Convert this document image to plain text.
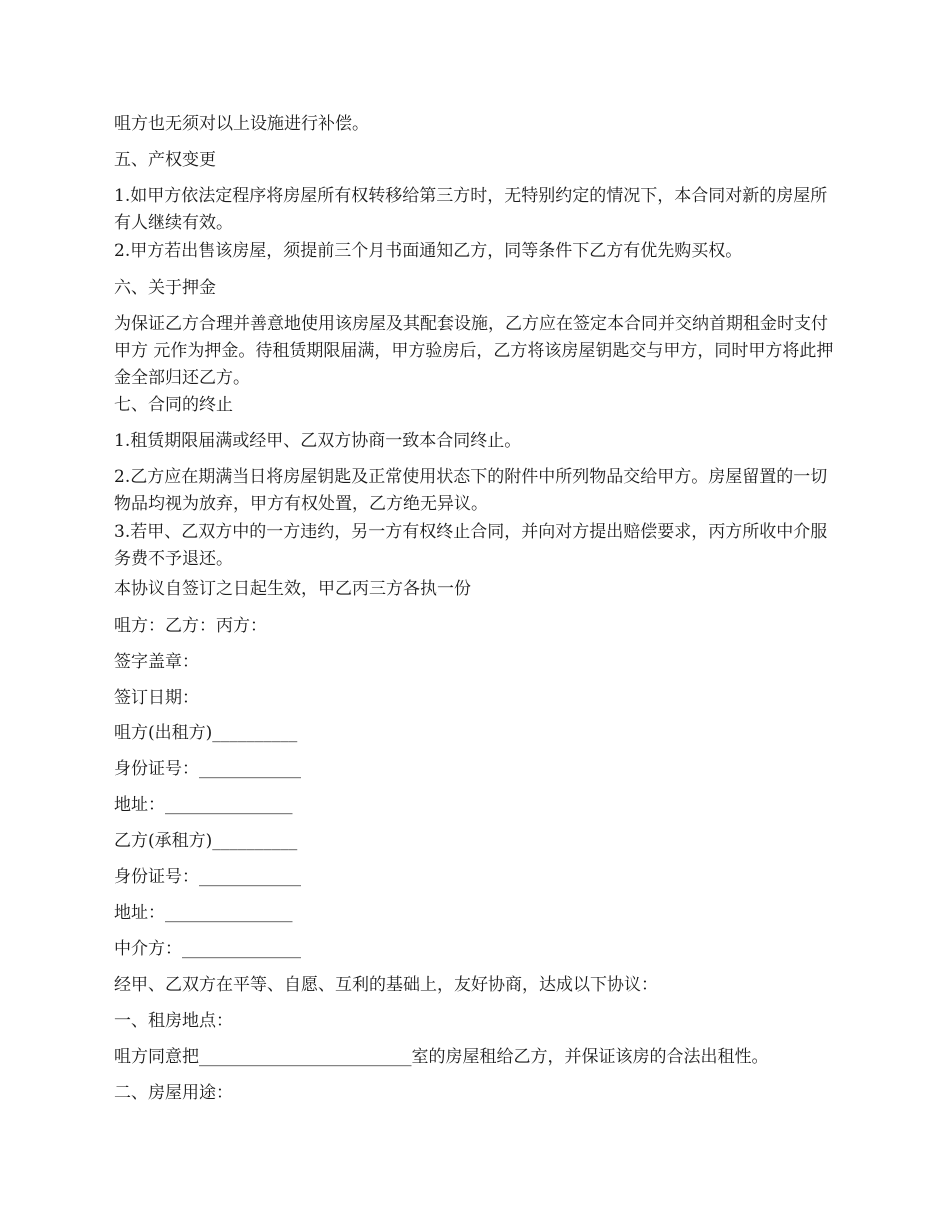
咀方也无须对以上设施进行补偿。

五、产权变更

1.如甲方依法定程序将房屋所有权转移给第三方时，无特别约定的情况下，本合同对新的房屋所有人继续有效。

2.甲方若出售该房屋，须提前三个月书面通知乙方，同等条件下乙方有优先购买权。

六、关于押金

为保证乙方合理并善意地使用该房屋及其配套设施，乙方应在签定本合同并交纳首期租金时支付甲方 元作为押金。待租赁期限届满，甲方验房后，乙方将该房屋钥匙交与甲方，同时甲方将此押金全部归还乙方。

七、合同的终止

1.租赁期限届满或经甲、乙双方协商一致本合同终止。

2.乙方应在期满当日将房屋钥匙及正常使用状态下的附件中所列物品交给甲方。房屋留置的一切物品均视为放弃，甲方有权处置，乙方绝无异议。

3.若甲、乙双方中的一方违约，另一方有权终止合同，并向对方提出赔偿要求，丙方所收中介服务费不予退还。

本协议自签订之日起生效，甲乙丙三方各执一份

咀方：乙方：丙方：

签字盖章：

签订日期：

咀方(出租方)__________

身份证号：____________

地址：_______________

乙方(承租方)__________

身份证号：____________

地址：_______________

中介方：______________

经甲、乙双方在平等、自愿、互利的基础上，友好协商，达成以下协议：

一、租房地点：

咀方同意把_________________________室的房屋租给乙方，并保证该房的合法出租性。

二、房屋用途：
